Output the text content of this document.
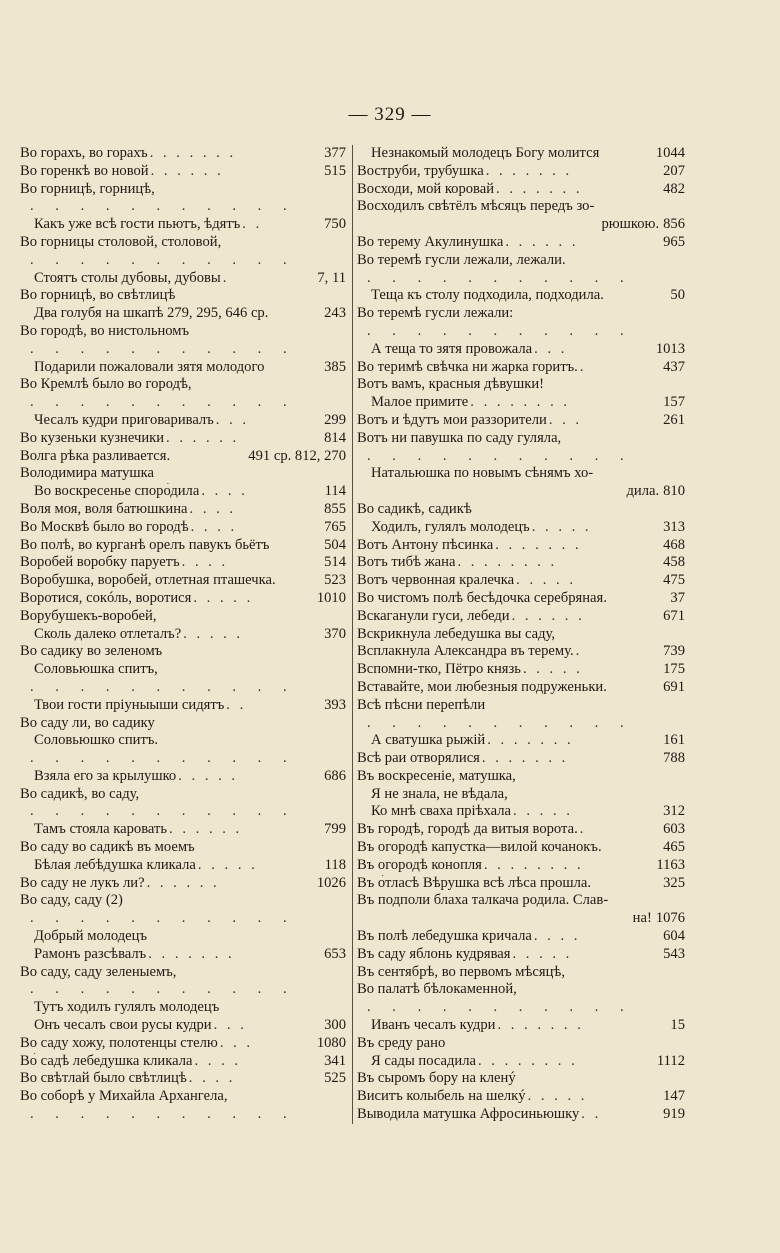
— 329 —
Во горахъ, во горахъ . . . . . . .	377
Во горенкѣ во новой . . . . . .	515
Во горницѣ, горницѣ,
. . . . . . . . . . .
Какъ уже всѣ гости пьютъ, ѣдятъ . .	750
Во горницы столовой, столовой,
. . . . . . . . . . .
Стоятъ столы дубовы, дубовы .	7, 11
Во горницѣ, во свѣтлицѣ
Два голубя на шкапѣ 279, 295, 646 ср.	243
Во городѣ, во нистольномъ
. . . . . . . . . . .
Подарили пожаловали зятя молодого	385
Во Кремлѣ было во городѣ,
. . . . . . . . . . .
Чесалъ кудри приговаривалъ . . .	299
Во кузеньки кузнечики . . . . . .	814
Волга рѣка разливается.	491 ср. 812, 270
Володимира матушка
Во воскресенье споро́дила . . . .	114
Воля моя, воля батюшкина . . . .	855
Во Москвѣ было во городѣ . . . .	765
Во полѣ, во курганѣ орелъ павукъ бьётъ	504
Воробей воробку паруетъ . . . .	514
Воробушка, воробей, отлетная пташечка.	523
Воротися, сокóль, воротися . . . . .	1010
Ворубушекъ-воробей,
Сколь далеко отлеталъ? . . . . .	370
Во садику во зеленомъ
Соловьюшка спитъ,
. . . . . . . . . . .
Твои гости пріуныыши сидятъ . .	393
Во саду ли, во садику
Соловьюшко спитъ.
. . . . . . . . . . .
Взяла его за крылушко . . . . .	686
Во садикѣ, во саду,
. . . . . . . . . . .
Тамъ стояла каровать . . . . . .	799
Во саду во садикѣ въ моемъ
Бѣлая лебѣдушка кликала . . . . .	118
Во саду не лукъ ли? . . . . . .	1026
Во саду, саду (2)
. . . . . . . . . . .
Добрый молодецъ
Рамонъ разсѣвалъ . . . . . . .	653
Во саду, саду зеленыемъ,
. . . . . . . . . . .
Тутъ ходилъ гулялъ молодецъ
Онъ чесалъ свои русы кудри . . .	300
Во саду хожу, полотенцы стелю . . .	1080
Во́ садѣ лебедушка кликала . . . .	341
Во свѣтлай было свѣтлицѣ . . . .	525
Во соборѣ у Михайла Архангела,
. . . . . . . . . . .
Незнакомый молодецъ Богу молится	1044
Воструби, трубушка . . . . . . .	207
Восходи, мой коровай . . . . . . .	482
Восходилъ свѣтёлъ мѣсяцъ передъ зо-
рюшкою. 856
Во терему Акулинушка . . . . . .	965
Во теремѣ гусли лежали, лежали.
. . . . . . . . . . .
Теща къ столу подходила, подходила.	50
Во теремѣ гусли лежали:
. . . . . . . . . . .
А теща то зятя провожала . . .	1013
Во теримѣ свѣчка ни жарка горитъ. .	437
Вотъ вамъ, красныя дѣвушки!
Малое примите . . . . . . . .	157
Вотъ и ѣдутъ мои раззорители . . .	261
Вотъ ни павушка по саду гуляла,
. . . . . . . . . . .
Натальюшка по новымъ сѣнямъ хо-
дила. 810
Во садикѣ, садикѣ
Ходилъ, гулялъ молодецъ . . . . .	313
Вотъ Антону пѣсинка . . . . . . .	468
Вотъ тибѣ жана . . . . . . . .	458
Вотъ червонная кралечка . . . . .	475
Во чистомъ полѣ бесѣдочка серебряная.	37
Вскаганули гуси, лебеди . . . . . .	671
Вскрикнула лебедушка вы саду,
Всплакнула Александра въ терему. .	739
Вспомни-тко, Пётро князь . . . . .	175
Вставайте, мои любезныя подруженьки.	691
Всѣ пѣсни перепѣли
. . . . . . . . . . .
А сватушка рыжій . . . . . . .	161
Всѣ раи отворялися . . . . . . .	788
Въ воскресеніе, матушка,
Я не знала, не вѣдала,
Ко мнѣ сваха пріѣхала . . . . .	312
Въ городѣ, городѣ да витыя ворота. .	603
Въ огородѣ капустка—вилой кочанокъ.	465
Въ огородѣ конопля . . . . . . . .	1163
Въ о́тласѣ Вѣрушка всѣ лѣса прошла.	325
Въ подполи блаха талкача родила. Слав-
на! 1076
Въ полѣ лебедушка кричала . . . .	604
Въ саду яблонь кудрявая . . . . .	543
Въ сентябрѣ, во первомъ мѣсяцѣ,
Во палатѣ бѣлокаменной,
. . . . . . . . . . .
Иванъ чесалъ кудри . . . . . . .	15
Въ среду рано
Я сады посадила . . . . . . . .	1112
Въ сыромъ бору на кленý
Виситъ колыбель на шелкý . . . . .	147
Выводила матушка Афросиньюшку . .	919
